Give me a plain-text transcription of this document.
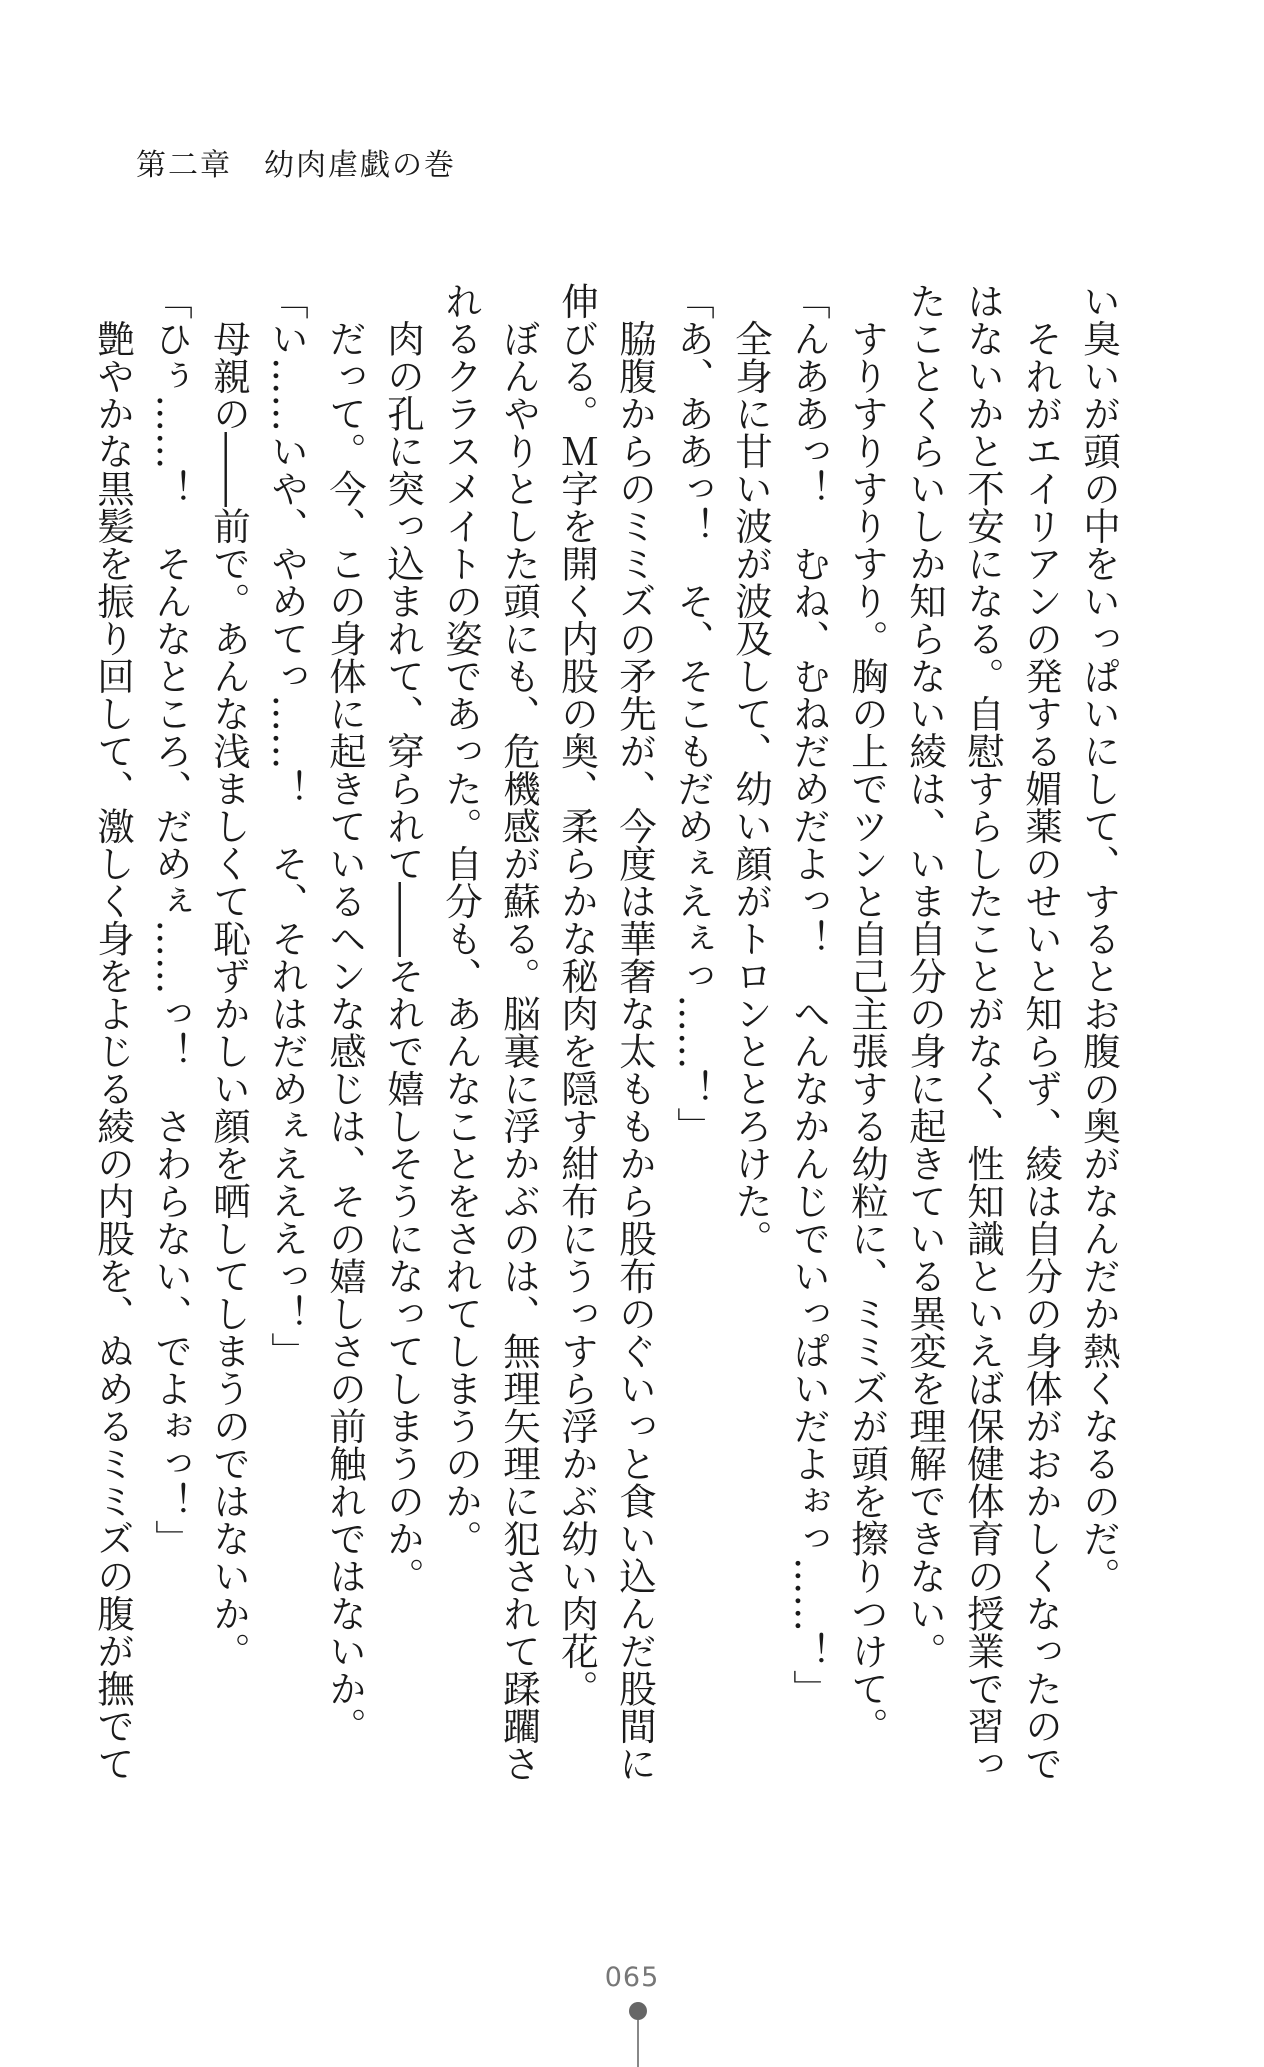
第二章　幼肉虐戯の巻
い臭いが頭の中をいっぱいにして、するとお腹の奥がなんだか熱くなるのだ。
　それがエイリアンの発する媚薬のせいと知らず、綾は自分の身体がおかしくなったので
はないかと不安になる。自慰すらしたことがなく、性知識といえば保健体育の授業で習っ
たことくらいしか知らない綾は、いま自分の身に起きている異変を理解できない。
　すりすりすりすり。胸の上でツンと自己主張する幼粒に、ミミズが頭を擦りつけて。
「んああっ！　むね、むねだめだよっ！　へんなかんじでいっぱいだよぉっ……！」
　全身に甘い波が波及して、幼い顔がトロンととろけた。
「あ、ああっ！　そ、そこもだめぇえぇっ……！」
　脇腹からのミミズの矛先が、今度は華奢な太ももから股布のぐいっと食い込んだ股間に
伸びる。Ｍ字を開く内股の奥、柔らかな秘肉を隠す紺布にうっすら浮かぶ幼い肉花。
　ぼんやりとした頭にも、危機感が蘇る。脳裏に浮かぶのは、無理矢理に犯されて蹂躙さ
れるクラスメイトの姿であった。自分も、あんなことをされてしまうのか。
　肉の孔に突っ込まれて、穿られて――それで嬉しそうになってしまうのか。
　だって。今、この身体に起きているヘンな感じは、その嬉しさの前触れではないか。
「い……いや、やめてっ……！　そ、それはだめぇえええっ！」
　母親の――前で。あんな浅ましくて恥ずかしい顔を晒してしまうのではないか。
「ひぅ……！　そんなところ、だめぇ……っ！　さわらない、でよぉっ！」
　艶やかな黒髪を振り回して、激しく身をよじる綾の内股を、ぬめるミミズの腹が撫でて
065
